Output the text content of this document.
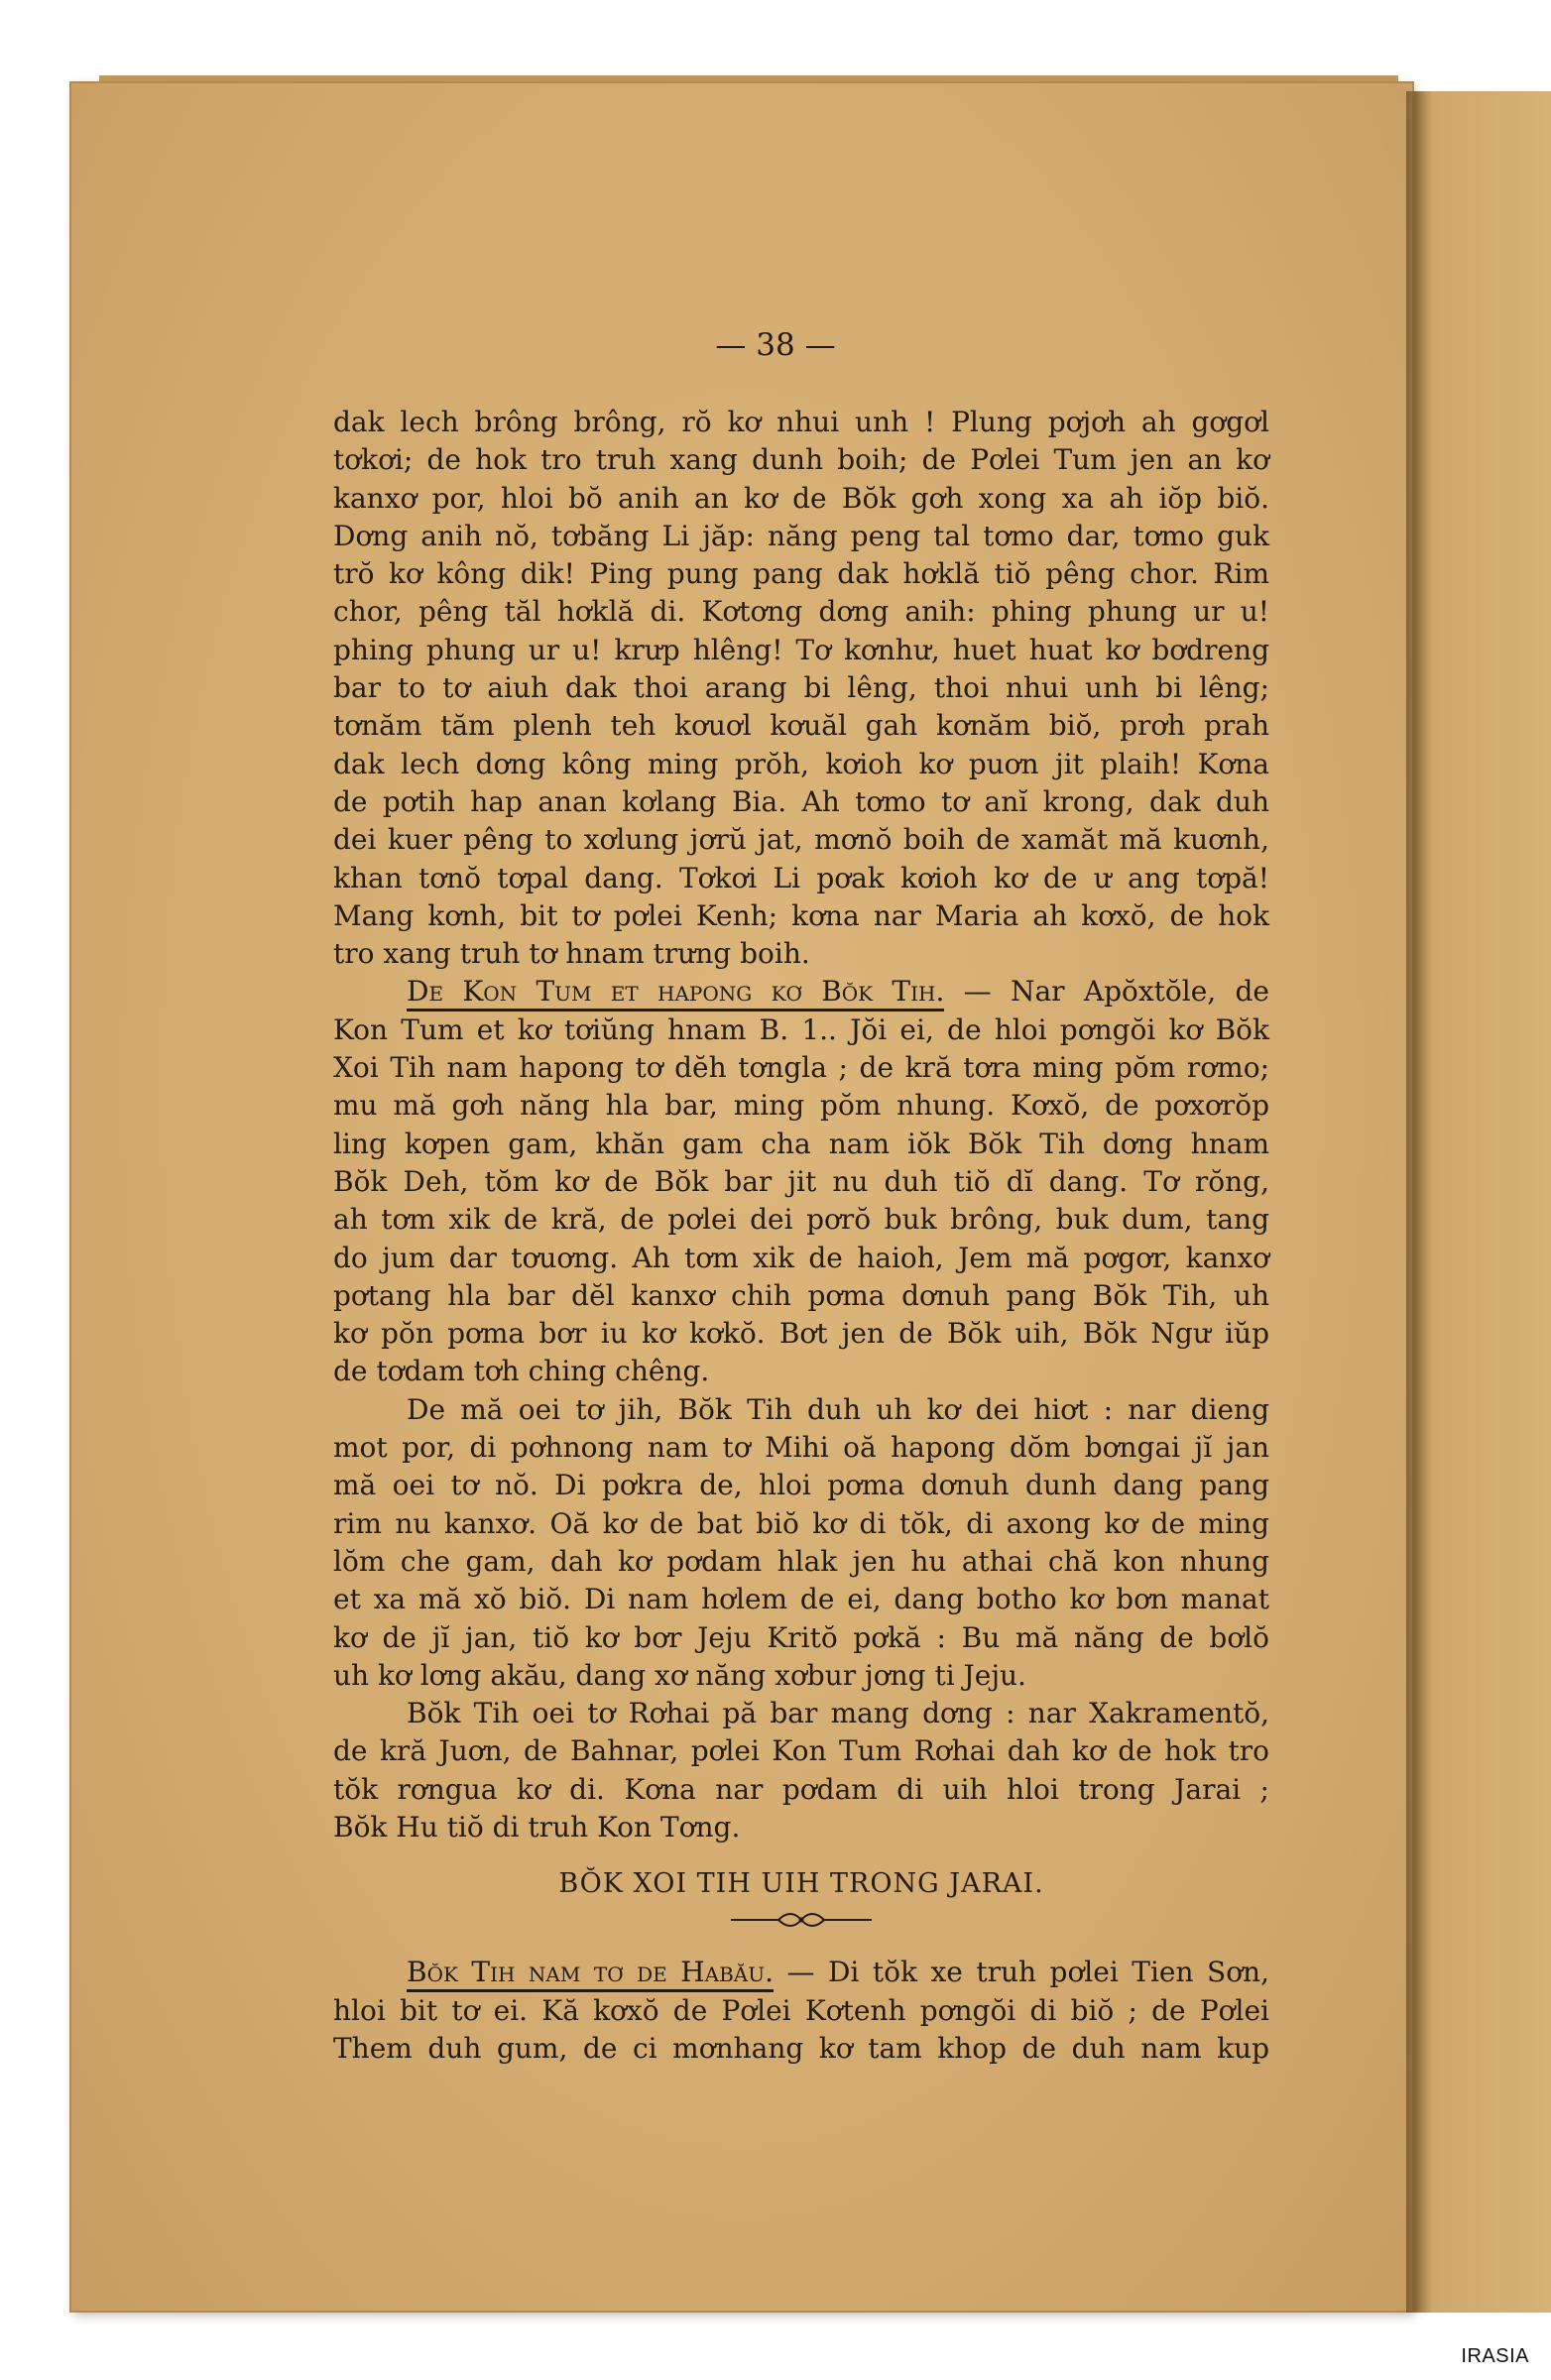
— 38 —
dak lech brông brông, rŏ kơ nhui unh ! Plung pơjơh ah gơgơl
tơkơi; de hok tro truh xang dunh boih; de Pơlei Tum jen an kơ
kanxơ por, hloi bŏ anih an kơ de Bŏk gơh xong xa ah iŏp biŏ.
Dơng anih nŏ, tơbăng Li jăp: năng peng tal tơmo dar, tơmo guk
trŏ kơ kông dik! Ping pung pang dak hơklă tiŏ pêng chor. Rim
chor, pêng tăl hơklă di. Kơtơng dơng anih: phing phung ur u!
phing phung ur u! krưp hlêng! Tơ kơnhư, huet huat kơ bơdreng
bar to tơ aiuh dak thoi arang bi lêng, thoi nhui unh bi lêng;
tơnăm tăm plenh teh kơuơl kơuăl gah kơnăm biŏ, prơh prah
dak lech dơng kông ming prŏh, kơioh kơ puơn jit plaih! Kơna
de pơtih hap anan kơlang Bia. Ah tơmo tơ anĭ krong, dak duh
dei kuer pêng to xơlung jơrŭ jat, mơnŏ boih de xamăt mă kuơnh,
khan tơnŏ tơpal dang. Tơkơi Li pơak kơioh kơ de ư ang tơpă!
Mang kơnh, bit tơ pơlei Kenh; kơna nar Maria ah kơxŏ, de hok
tro xang truh tơ hnam trưng boih.
De Kon Tum et hapong kơ Bŏk Tih. — Nar Apŏxtŏle, de
Kon Tum et kơ tơiŭng hnam B. 1.. Jŏi ei, de hloi pơngŏi kơ Bŏk
Xoi Tih nam hapong tơ dĕh tơngla ; de kră tơra ming pŏm rơmo;
mu mă gơh năng hla bar, ming pŏm nhung. Kơxŏ, de pơxơrŏp
ling kơpen gam, khăn gam cha nam iŏk Bŏk Tih dơng hnam
Bŏk Deh, tŏm kơ de Bŏk bar jit nu duh tiŏ dĭ dang. Tơ rŏng,
ah tơm xik de kră, de pơlei dei pơrŏ buk brông, buk dum, tang
do jum dar tơuơng. Ah tơm xik de haioh, Jem mă pơgơr, kanxơ
pơtang hla bar dĕl kanxơ chih pơma dơnuh pang Bŏk Tih, uh
kơ pŏn pơma bơr iu kơ kơkŏ. Bơt jen de Bŏk uih, Bŏk Ngư iŭp
de tơdam tơh ching chêng.
De mă oei tơ jih, Bŏk Tih duh uh kơ dei hiơt : nar dieng
mot por, di pơhnong nam tơ Mihi oă hapong dŏm bơngai jĭ jan
mă oei tơ nŏ. Di pơkra de, hloi pơma dơnuh dunh dang pang
rim nu kanxơ. Oă kơ de bat biŏ kơ di tŏk, di axong kơ de ming
lŏm che gam, dah kơ pơdam hlak jen hu athai chă kon nhung
et xa mă xŏ biŏ. Di nam hơlem de ei, dang botho kơ bơn manat
kơ de jĭ jan, tiŏ kơ bơr Jeju Kritŏ pơkă : Bu mă năng de bơlŏ
uh kơ lơng akău, dang xơ năng xơbur jơng ti Jeju.
Bŏk Tih oei tơ Rơhai pă bar mang dơng : nar Xakramentŏ,
de kră Juơn, de Bahnar, pơlei Kon Tum Rơhai dah kơ de hok tro
tŏk rơngua kơ di. Kơna nar pơdam di uih hloi trong Jarai ;
Bŏk Hu tiŏ di truh Kon Tơng.
BŎK XOI TIH UIH TRONG JARAI.
Bŏk Tih nam tơ de Habău. — Di tŏk xe truh pơlei Tien Sơn,
hloi bit tơ ei. Kă kơxŏ de Pơlei Kơtenh pơngŏi di biŏ ; de Pơlei
Them duh gum, de ci mơnhang kơ tam khop de duh nam kup
IRASIA
